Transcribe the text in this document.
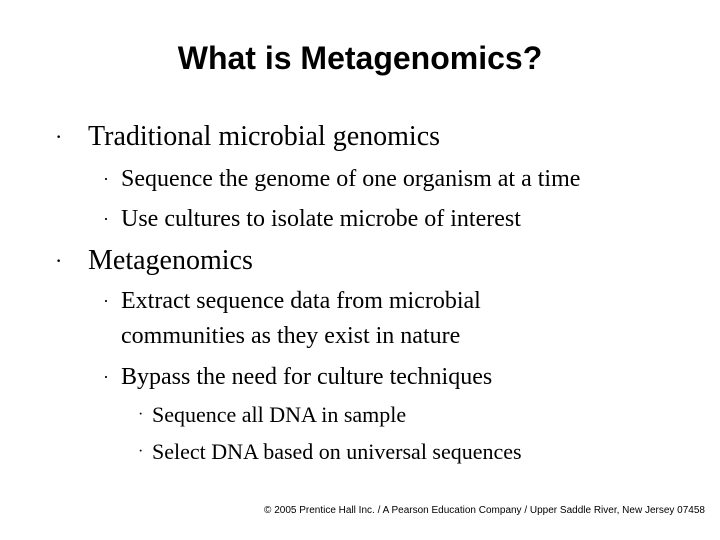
What is Metagenomics?
· Traditional microbial genomics
· Sequence the genome of one organism at a time
· Use cultures to isolate microbe of interest
· Metagenomics
· Extract sequence data from microbial
communities as they exist in nature
· Bypass the need for culture techniques
· Sequence all DNA in sample
· Select DNA based on universal sequences
© 2005 Prentice Hall Inc. / A Pearson Education Company / Upper Saddle River, New Jersey 07458
